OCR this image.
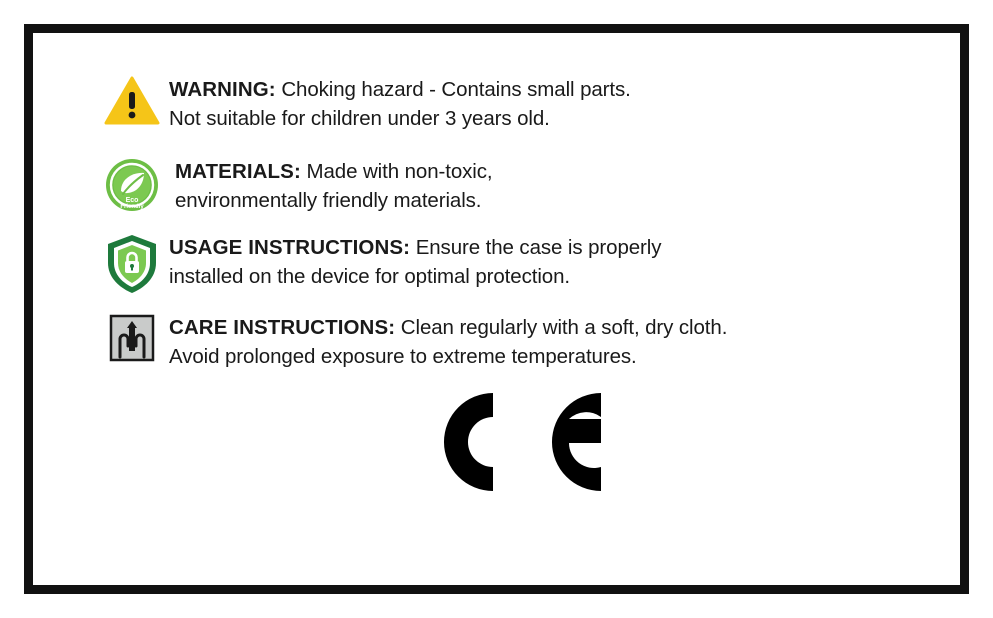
WARNING: Choking hazard - Contains small parts.
Not suitable for children under 3 years old.
Eco
Friendly
MATERIALS: Made with non-toxic,
environmentally friendly materials.
USAGE INSTRUCTIONS: Ensure the case is properly
installed on the device for optimal protection.
CARE INSTRUCTIONS: Clean regularly with a soft, dry cloth.
Avoid prolonged exposure to extreme temperatures.
